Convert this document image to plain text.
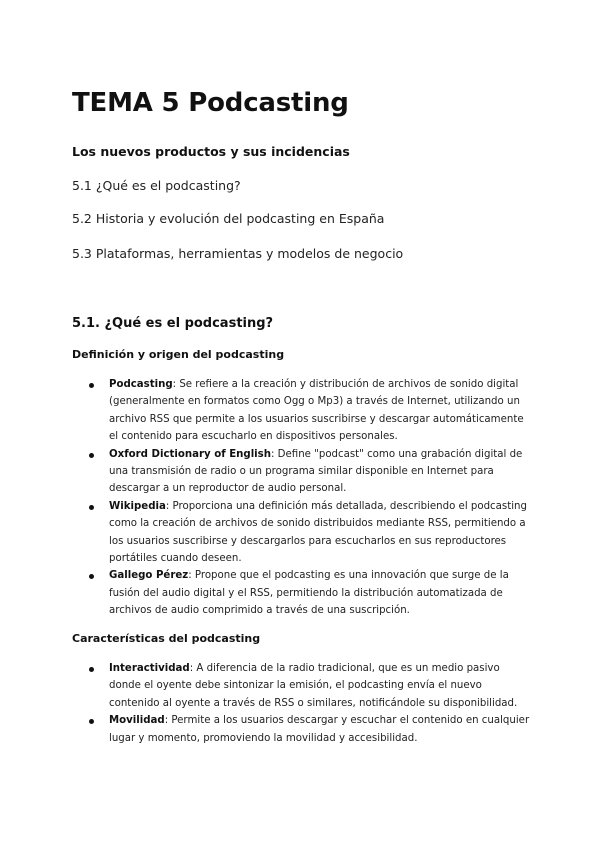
TEMA 5 Podcasting

Los nuevos productos y sus incidencias

5.1 ¿Qué es el podcasting?

5.2 Historia y evolución del podcasting en España

5.3 Plataformas, herramientas y modelos de negocio

5.1. ¿Qué es el podcasting?
Definición y origen del podcasting
Podcasting: Se refiere a la creación y distribución de archivos de sonido digital (generalmente en formatos como Ogg o Mp3) a través de Internet, utilizando un archivo RSS que permite a los usuarios suscribirse y descargar automáticamente el contenido para escucharlo en dispositivos personales.
Oxford Dictionary of English: Define "podcast" como una grabación digital de una transmisión de radio o un programa similar disponible en Internet para descargar a un reproductor de audio personal.
Wikipedia: Proporciona una definición más detallada, describiendo el podcasting como la creación de archivos de sonido distribuidos mediante RSS, permitiendo a los usuarios suscribirse y descargarlos para escucharlos en sus reproductores portátiles cuando deseen.
Gallego Pérez: Propone que el podcasting es una innovación que surge de la fusión del audio digital y el RSS, permitiendo la distribución automatizada de archivos de audio comprimido a través de una suscripción.
Características del podcasting
Interactividad: A diferencia de la radio tradicional, que es un medio pasivo donde el oyente debe sintonizar la emisión, el podcasting envía el nuevo contenido al oyente a través de RSS o similares, notificándole su disponibilidad.
Movilidad: Permite a los usuarios descargar y escuchar el contenido en cualquier lugar y momento, promoviendo la movilidad y accesibilidad.
